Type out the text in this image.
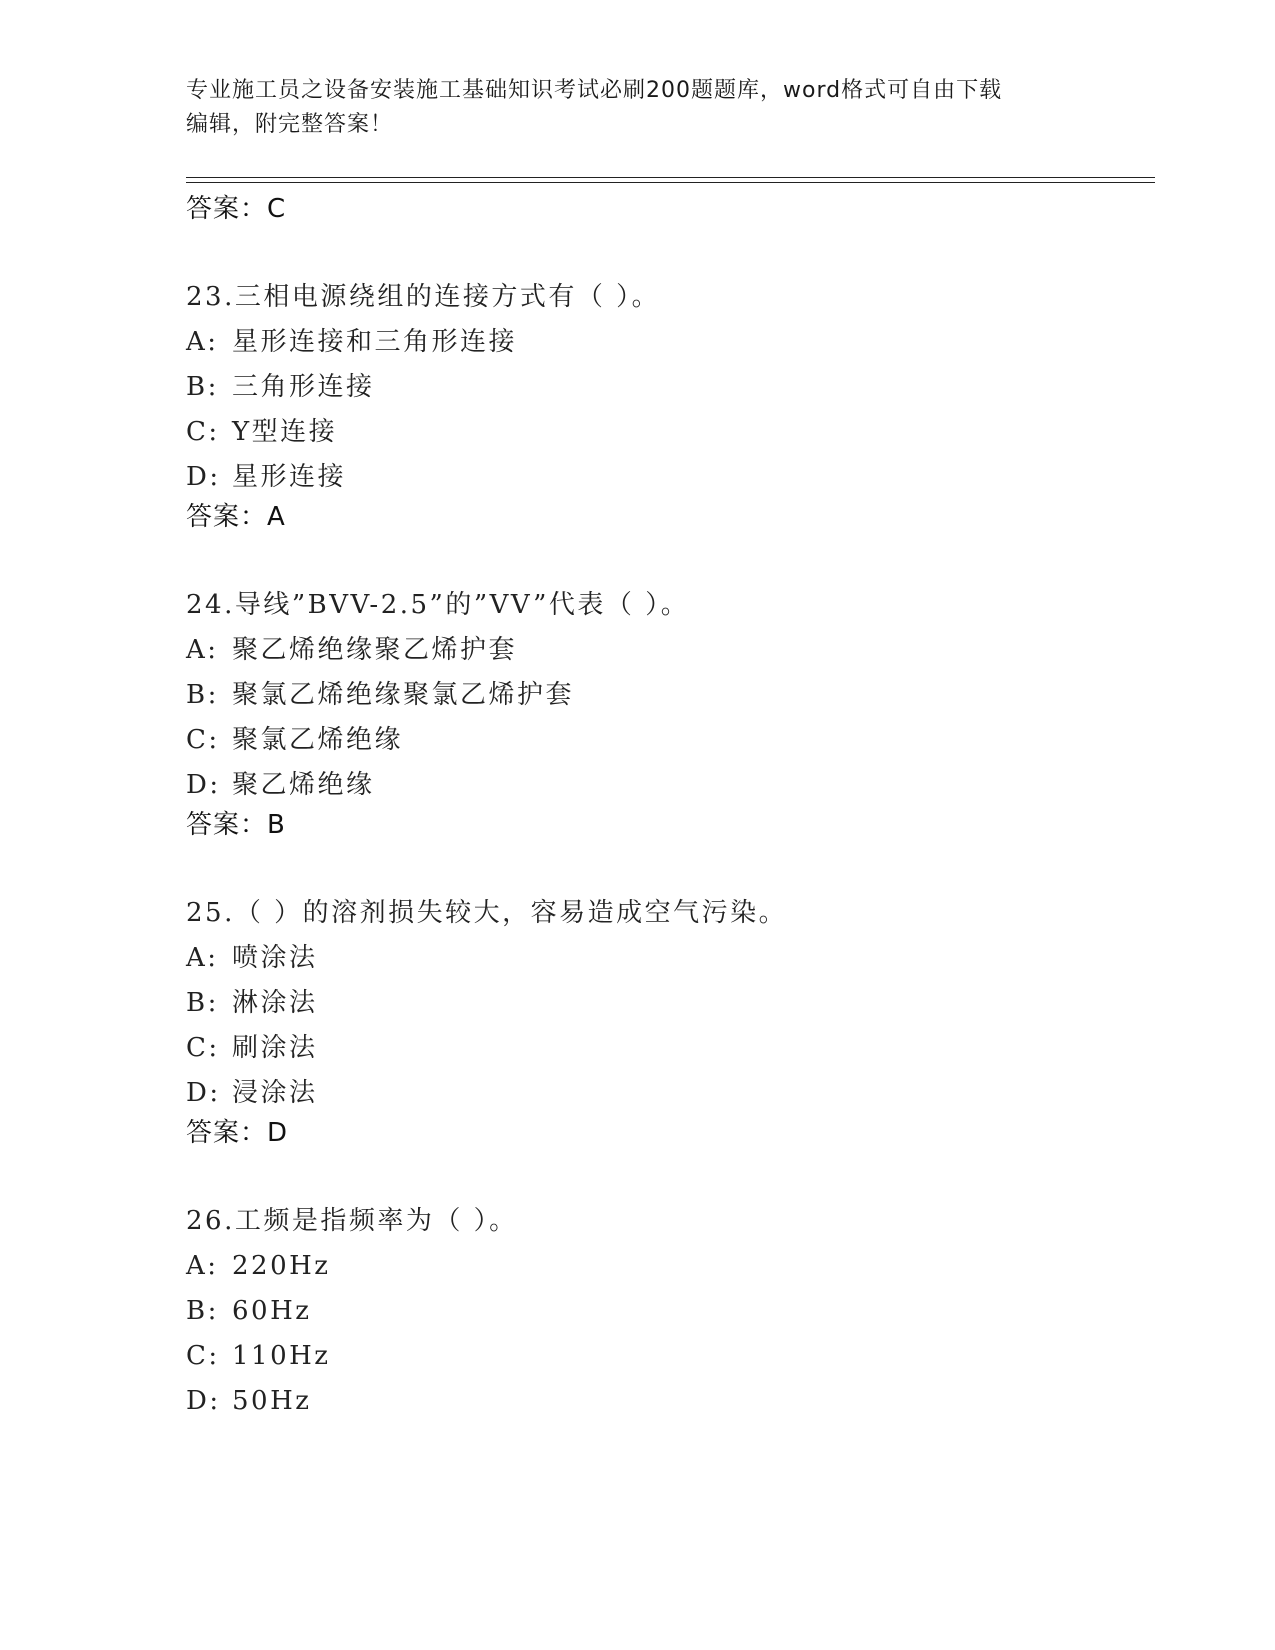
专业施工员之设备安装施工基础知识考试必刷200题题库，word格式可自由下载
编辑，附完整答案！
答案：C
23.三相电源绕组的连接方式有（ ）。
A: 星形连接和三角形连接
B: 三角形连接
C: Y型连接
D: 星形连接
答案：A
24.导线”BVV-2.5”的”VV”代表（ ）。
A: 聚乙烯绝缘聚乙烯护套
B: 聚氯乙烯绝缘聚氯乙烯护套
C: 聚氯乙烯绝缘
D: 聚乙烯绝缘
答案：B
25.（ ）的溶剂损失较大，容易造成空气污染。
A: 喷涂法
B: 淋涂法
C: 刷涂法
D: 浸涂法
答案：D
26.工频是指频率为（ ）。
A: 220Hz
B: 60Hz
C: 110Hz
D: 50Hz
